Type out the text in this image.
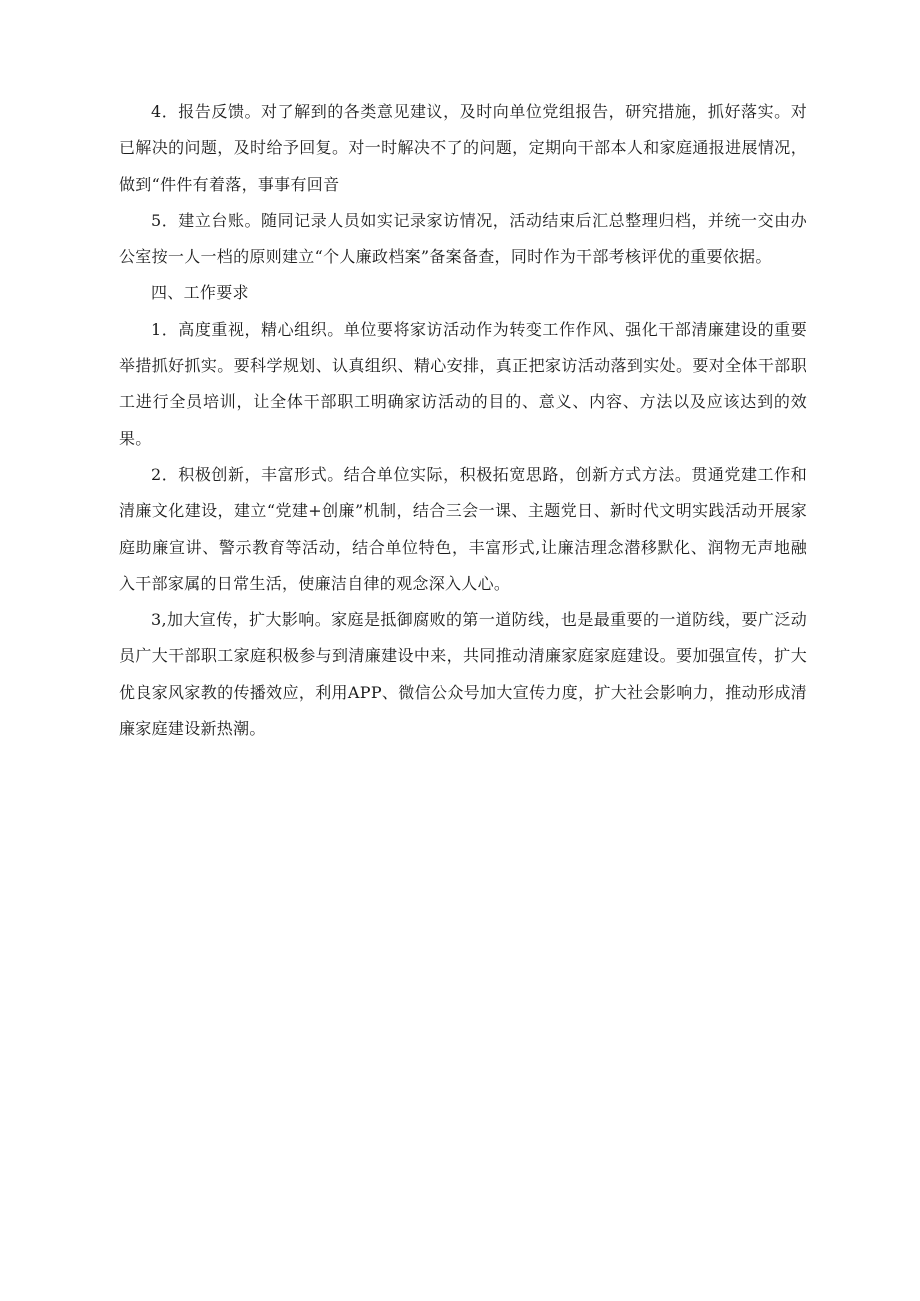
4．报告反馈。对了解到的各类意见建议，及时向单位党组报告，研究措施，抓好落实。对已解决的问题，及时给予回复。对一时解决不了的问题，定期向干部本人和家庭通报进展情况，做到“件件有着落，事事有回音

5．建立台账。随同记录人员如实记录家访情况，活动结束后汇总整理归档，并统一交由办公室按一人一档的原则建立“个人廉政档案”备案备查，同时作为干部考核评优的重要依据。

四、工作要求

1．高度重视，精心组织。单位要将家访活动作为转变工作作风、强化干部清廉建设的重要举措抓好抓实。要科学规划、认真组织、精心安排，真正把家访活动落到实处。要对全体干部职工进行全员培训，让全体干部职工明确家访活动的目的、意义、内容、方法以及应该达到的效果。

2．积极创新，丰富形式。结合单位实际，积极拓宽思路，创新方式方法。贯通党建工作和清廉文化建设，建立“党建+创廉”机制，结合三会一课、主题党日、新时代文明实践活动开展家庭助廉宣讲、警示教育等活动，结合单位特色，丰富形式,让廉洁理念潜移默化、润物无声地融入干部家属的日常生活，使廉洁自律的观念深入人心。

3,加大宣传，扩大影响。家庭是抵御腐败的第一道防线，也是最重要的一道防线，要广泛动员广大干部职工家庭积极参与到清廉建设中来，共同推动清廉家庭家庭建设。要加强宣传，扩大优良家风家教的传播效应，利用APP、微信公众号加大宣传力度，扩大社会影响力，推动形成清廉家庭建设新热潮。
